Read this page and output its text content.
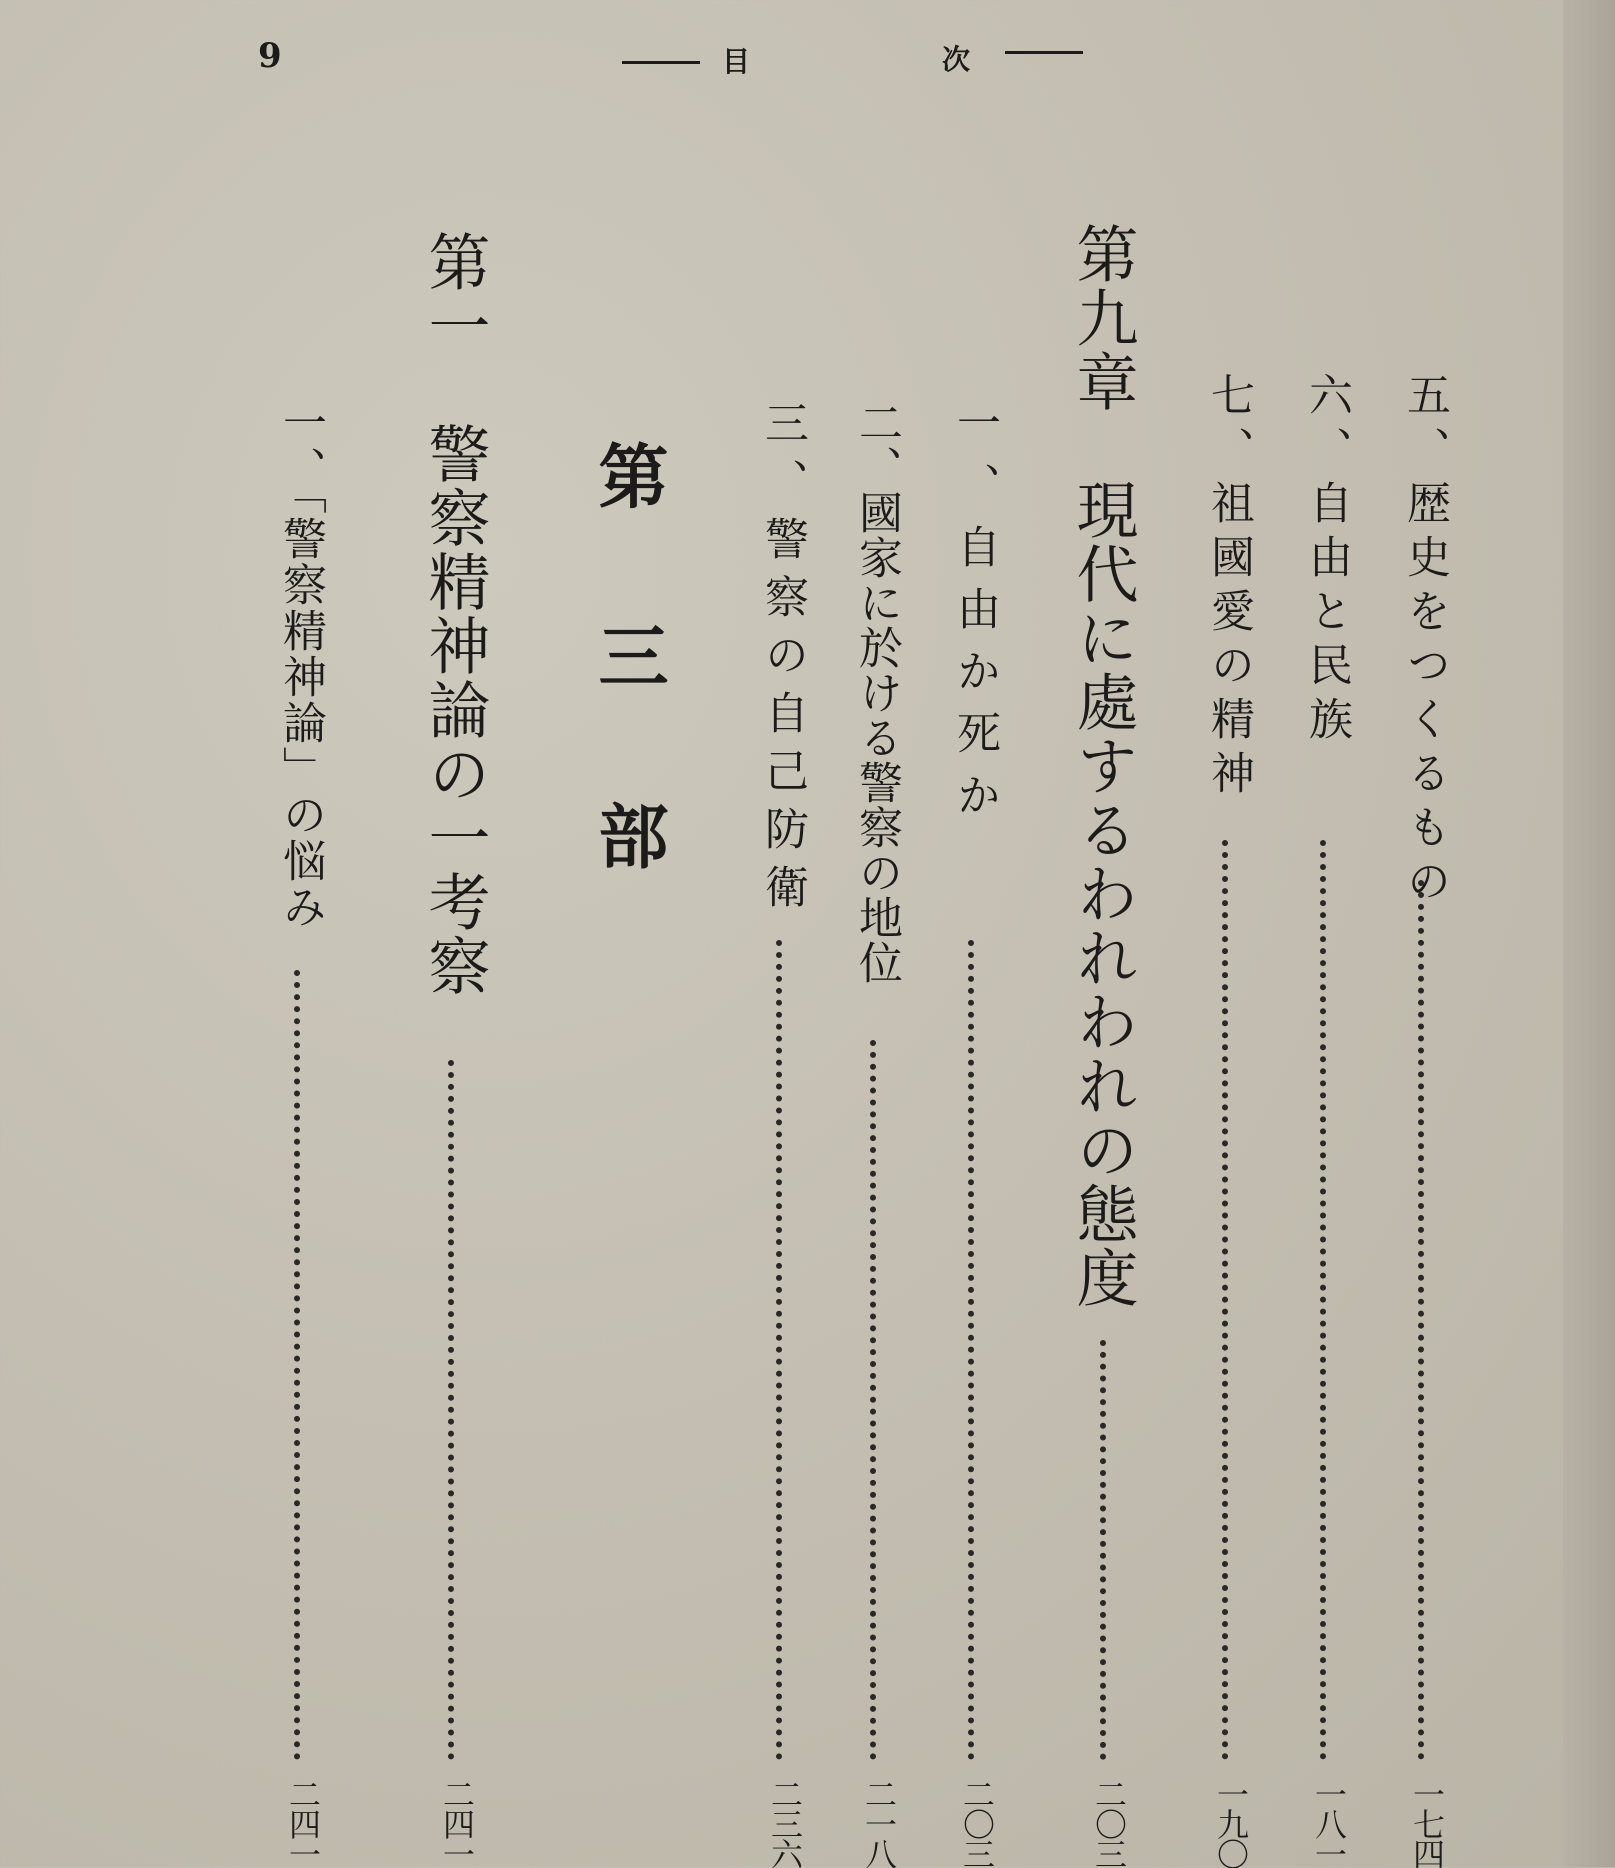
9	目	次
五、歴史をつくるもの
一七四
六、自由と民族
一八一
七、祖國愛の精神
一九〇
第九章　現代に處するわれわれの態度
二〇三
一、自由か死か
二〇三
二、國家に於ける警察の地位
二一八
三、警察の自己防衛
二三六
第三部
第一　警察精神論の一考察
二四一
一、「警察精神論」の悩み
二四一
